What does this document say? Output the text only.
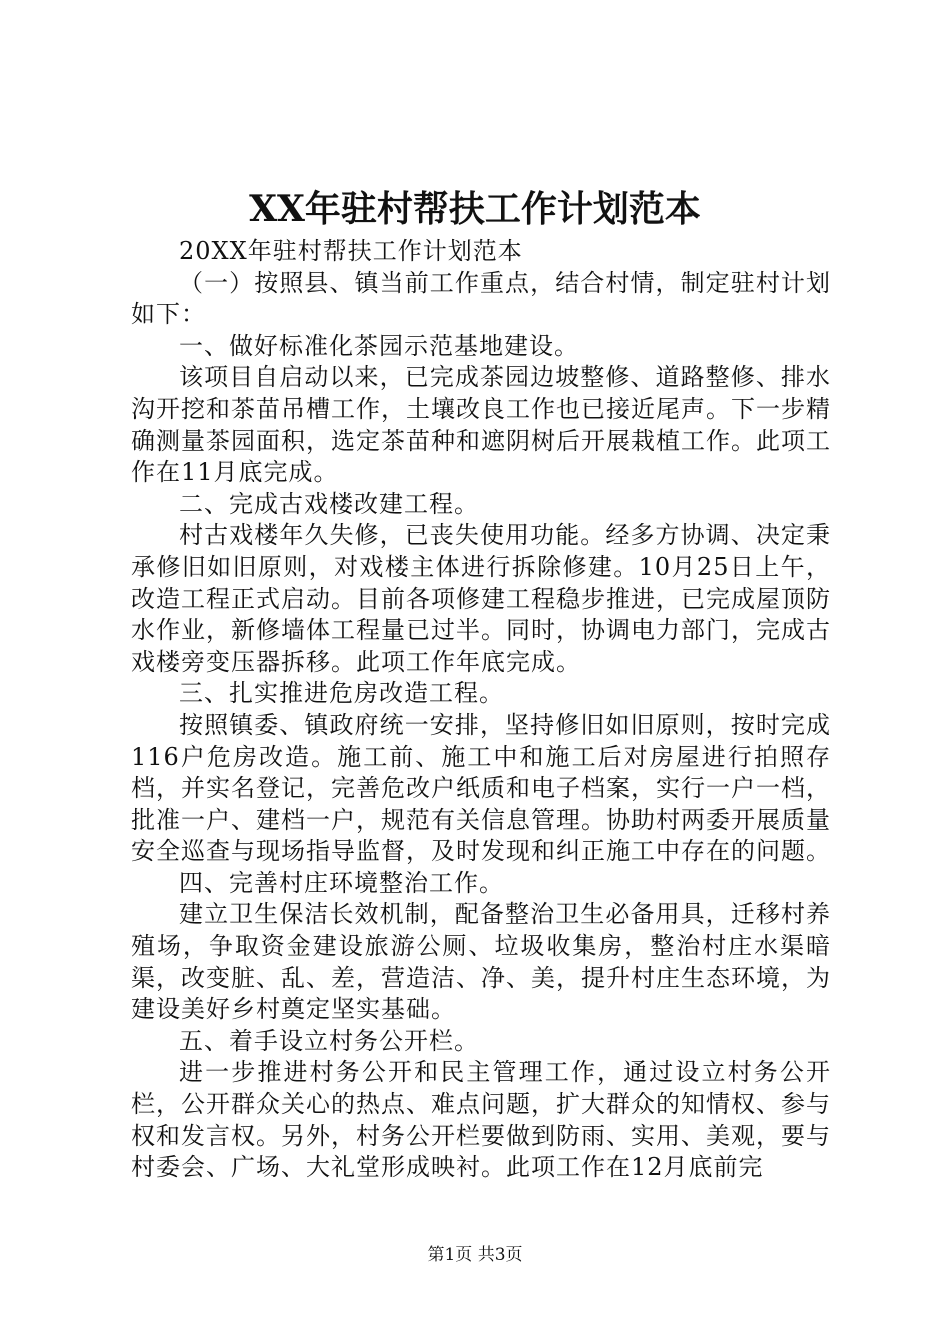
XX年驻村帮扶工作计划范本

20XX年驻村帮扶工作计划范本

（一）按照县、镇当前工作重点，结合村情，制定驻村计划如下：

一、做好标准化茶园示范基地建设。

该项目自启动以来，已完成茶园边坡整修、道路整修、排水沟开挖和茶苗吊槽工作，土壤改良工作也已接近尾声。下一步精确测量茶园面积，选定茶苗种和遮阴树后开展栽植工作。此项工作在11月底完成。

二、完成古戏楼改建工程。

村古戏楼年久失修，已丧失使用功能。经多方协调、决定秉承修旧如旧原则，对戏楼主体进行拆除修建。10月25日上午，改造工程正式启动。目前各项修建工程稳步推进，已完成屋顶防水作业，新修墙体工程量已过半。同时，协调电力部门，完成古戏楼旁变压器拆移。此项工作年底完成。

三、扎实推进危房改造工程。

按照镇委、镇政府统一安排，坚持修旧如旧原则，按时完成116户危房改造。施工前、施工中和施工后对房屋进行拍照存档，并实名登记，完善危改户纸质和电子档案，实行一户一档，批准一户、建档一户，规范有关信息管理。协助村两委开展质量安全巡查与现场指导监督，及时发现和纠正施工中存在的问题。

四、完善村庄环境整治工作。

建立卫生保洁长效机制，配备整治卫生必备用具，迁移村养殖场，争取资金建设旅游公厕、垃圾收集房，整治村庄水渠暗渠，改变脏、乱、差，营造洁、净、美，提升村庄生态环境，为建设美好乡村奠定坚实基础。

五、着手设立村务公开栏。

进一步推进村务公开和民主管理工作，通过设立村务公开栏，公开群众关心的热点、难点问题，扩大群众的知情权、参与权和发言权。另外，村务公开栏要做到防雨、实用、美观，要与村委会、广场、大礼堂形成映衬。此项工作在12月底前完

第1页 共3页
